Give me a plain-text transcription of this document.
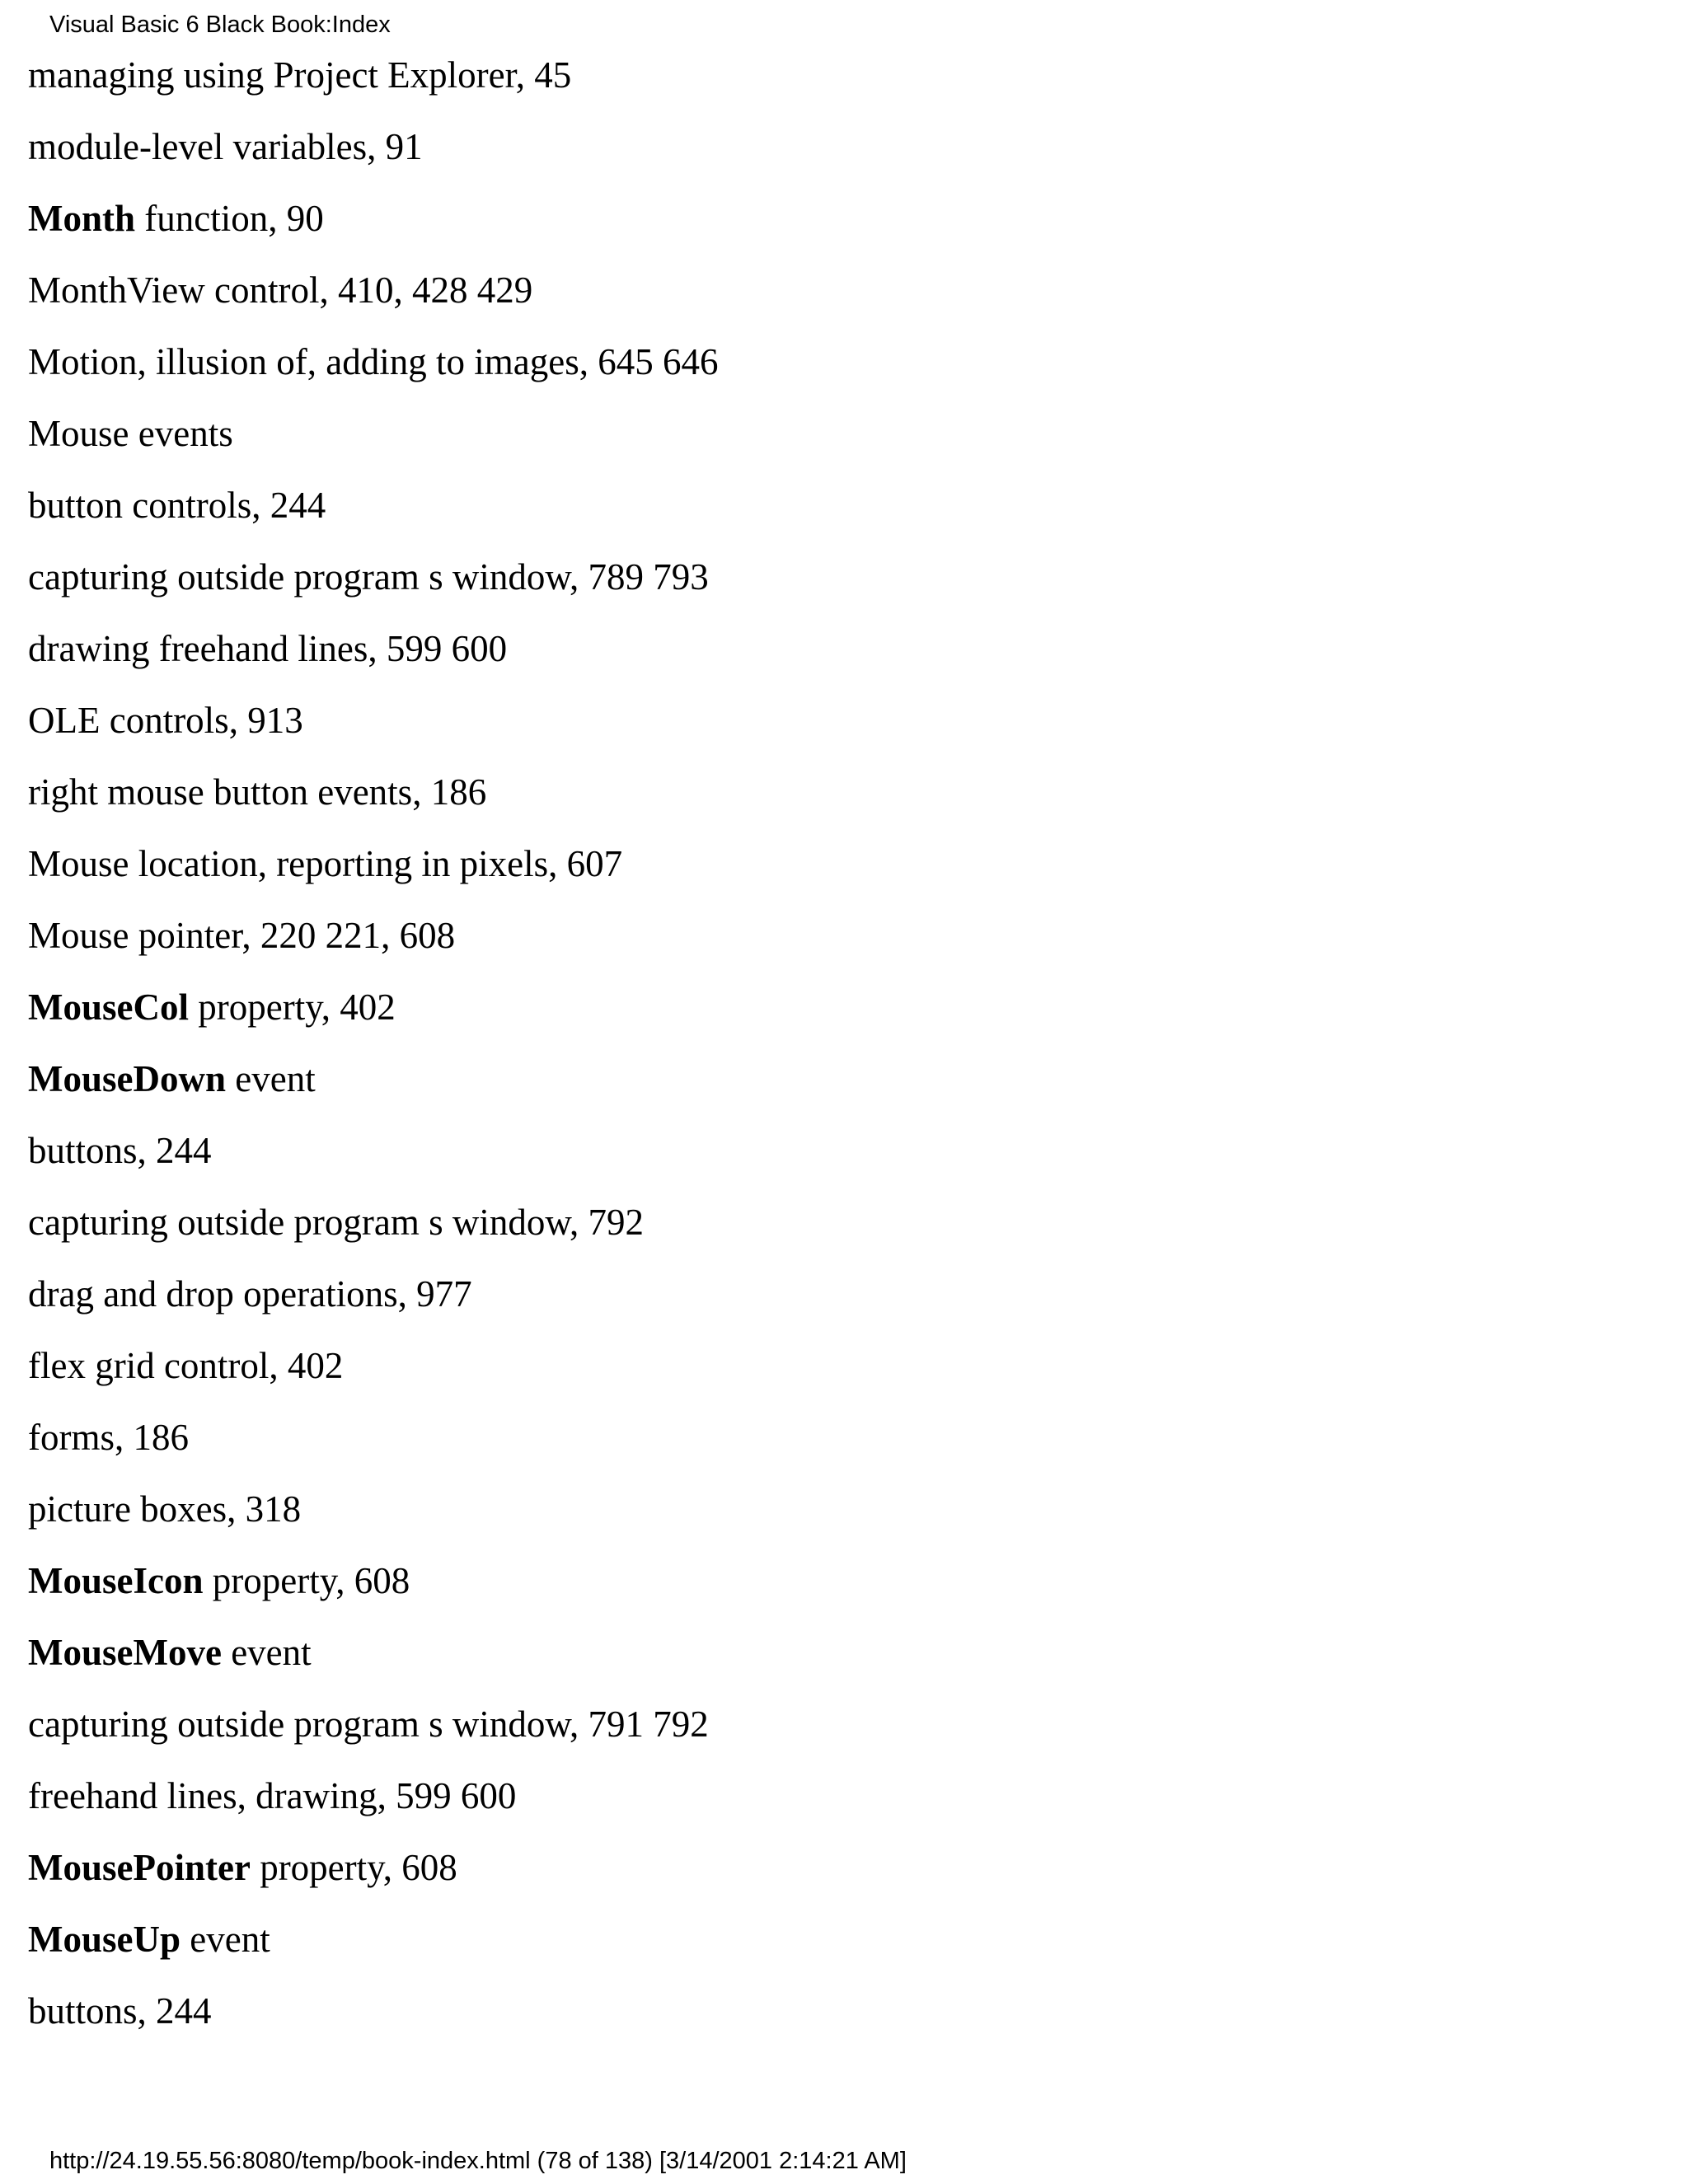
Visual Basic 6 Black Book:Index
managing using Project Explorer, 45
module-level variables, 91
Month function, 90
MonthView control, 410, 428 429
Motion, illusion of, adding to images, 645 646
Mouse events
button controls, 244
capturing outside program s window, 789 793
drawing freehand lines, 599 600
OLE controls, 913
right mouse button events, 186
Mouse location, reporting in pixels, 607
Mouse pointer, 220 221, 608
MouseCol property, 402
MouseDown event
buttons, 244
capturing outside program s window, 792
drag and drop operations, 977
flex grid control, 402
forms, 186
picture boxes, 318
MouseIcon property, 608
MouseMove event
capturing outside program s window, 791 792
freehand lines, drawing, 599 600
MousePointer property, 608
MouseUp event
buttons, 244
http://24.19.55.56:8080/temp/book-index.html (78 of 138) [3/14/2001 2:14:21 AM]
